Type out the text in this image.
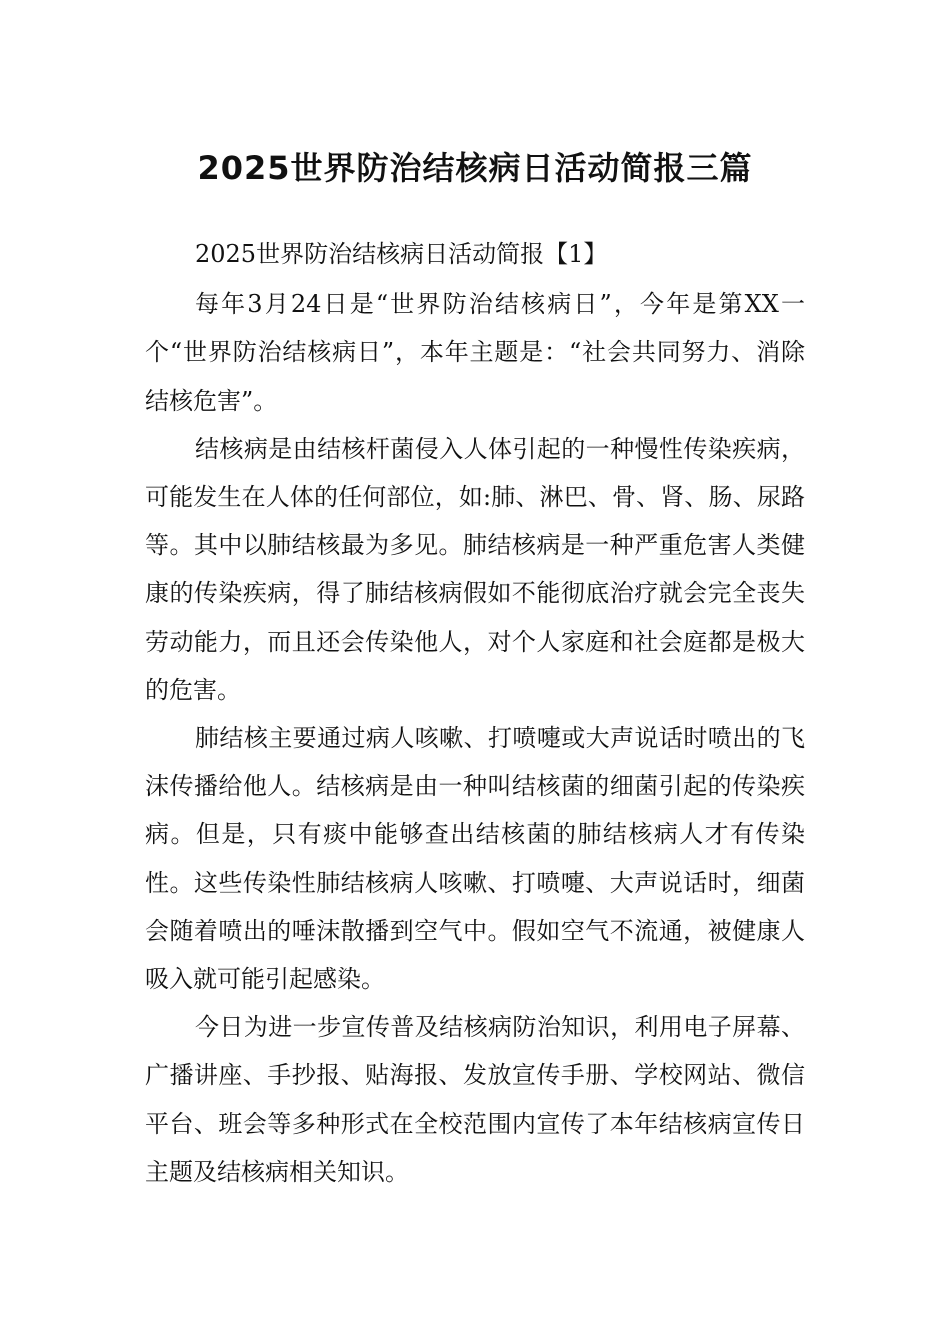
2025世界防治结核病日活动简报三篇

2025世界防治结核病日活动简报【1】

每年3月24日是“世界防治结核病日”，今年是第XX一个“世界防治结核病日”，本年主题是：“社会共同努力、消除结核危害”。

结核病是由结核杆菌侵入人体引起的一种慢性传染疾病，可能发生在人体的任何部位，如:肺、淋巴、骨、肾、肠、尿路等。其中以肺结核最为多见。肺结核病是一种严重危害人类健康的传染疾病，得了肺结核病假如不能彻底治疗就会完全丧失劳动能力，而且还会传染他人，对个人家庭和社会庭都是极大的危害。

肺结核主要通过病人咳嗽、打喷嚏或大声说话时喷出的飞沫传播给他人。结核病是由一种叫结核菌的细菌引起的传染疾病。但是，只有痰中能够查出结核菌的肺结核病人才有传染性。这些传染性肺结核病人咳嗽、打喷嚏、大声说话时，细菌会随着喷出的唾沫散播到空气中。假如空气不流通，被健康人吸入就可能引起感染。

今日为进一步宣传普及结核病防治知识，利用电子屏幕、广播讲座、手抄报、贴海报、发放宣传手册、学校网站、微信平台、班会等多种形式在全校范围内宣传了本年结核病宣传日主题及结核病相关知识。
